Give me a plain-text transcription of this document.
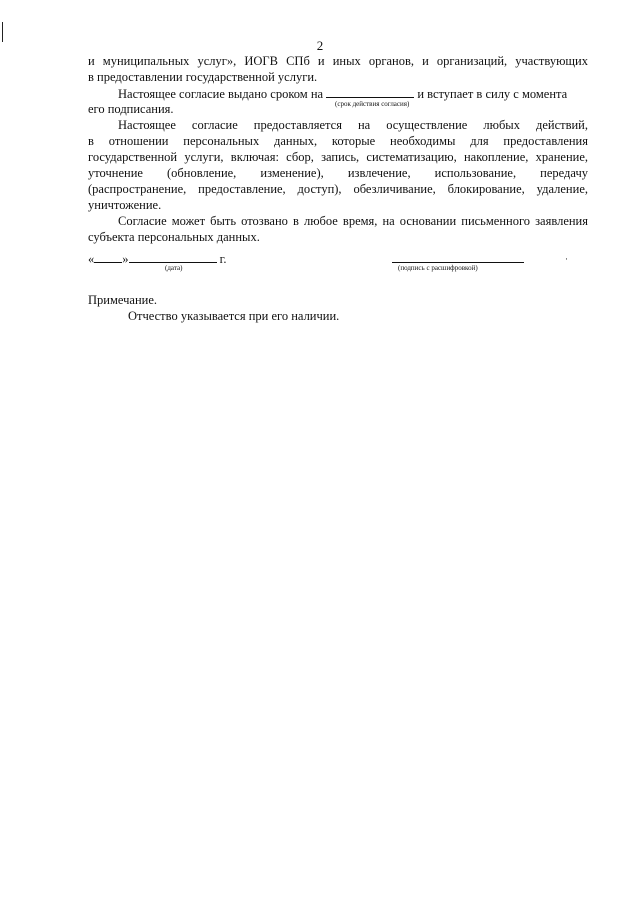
2
и муниципальных услуг», ИОГВ СПб и иных органов, и организаций, участвующих
в предоставлении государственной услуги.
Настоящее согласие выдано сроком на	и вступает в силу с момента
(срок действия согласия)
его подписания.
Настоящее согласие предоставляется на осуществление любых действий,
в отношении персональных данных, которые необходимы для предоставления
государственной услуги, включая: сбор, запись, систематизацию, накопление, хранение,
уточнение (обновление, изменение), извлечение, использование, передачу
(распространение, предоставление, доступ), обезличивание, блокирование, удаление,
уничтожение.
Согласие может быть отозвано в любое время, на основании письменного заявления
субъекта персональных данных.
« »	г.
(дата)	(подпись с расшифровкой)
·
Примечание.
Отчество указывается при его наличии.
